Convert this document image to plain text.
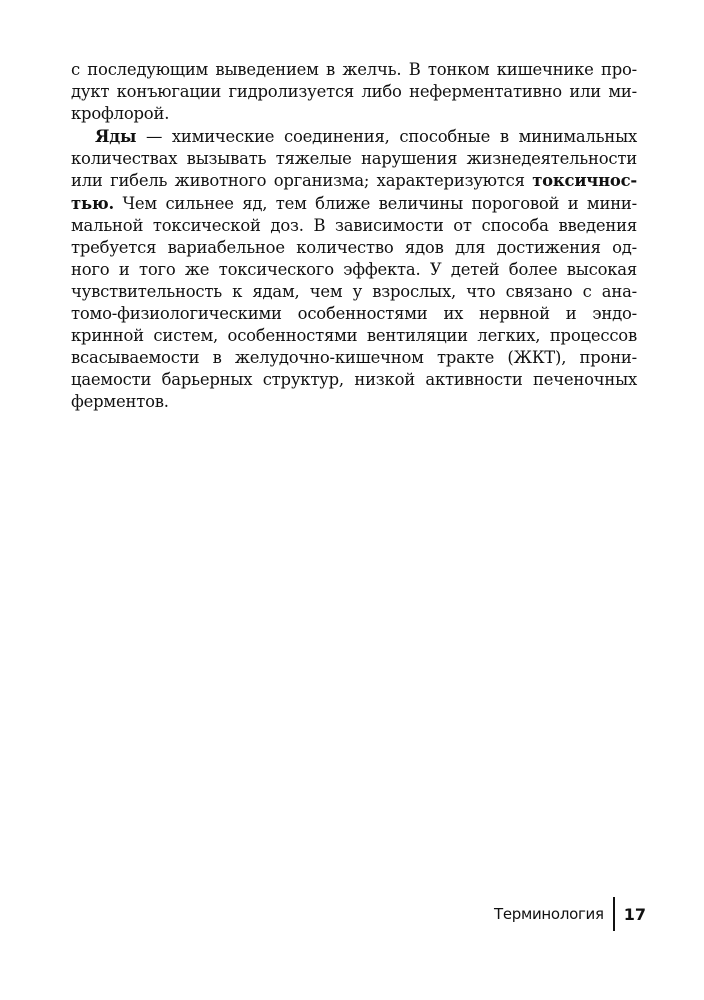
с последующим выведением в желчь. В тонком кишечнике про-
дукт конъюгации гидролизуется либо неферментативно или ми-
крофлорой.
Яды — химические соединения, способные в минимальных
количествах вызывать тяжелые нарушения жизнедеятельности
или гибель животного организма; характеризуются токсичнос-
тью. Чем сильнее яд, тем ближе величины пороговой и мини-
мальной токсической доз. В зависимости от способа введения
требуется вариабельное количество ядов для достижения од-
ного и того же токсического эффекта. У детей более высокая
чувствительность к ядам, чем у взрослых, что связано с ана-
томо-физиологическими особенностями их нервной и эндо-
кринной систем, особенностями вентиляции легких, процессов
всасываемости в желудочно-кишечном тракте (ЖКТ), прони-
цаемости барьерных структур, низкой активности печеночных
ферментов.
Терминология	17
